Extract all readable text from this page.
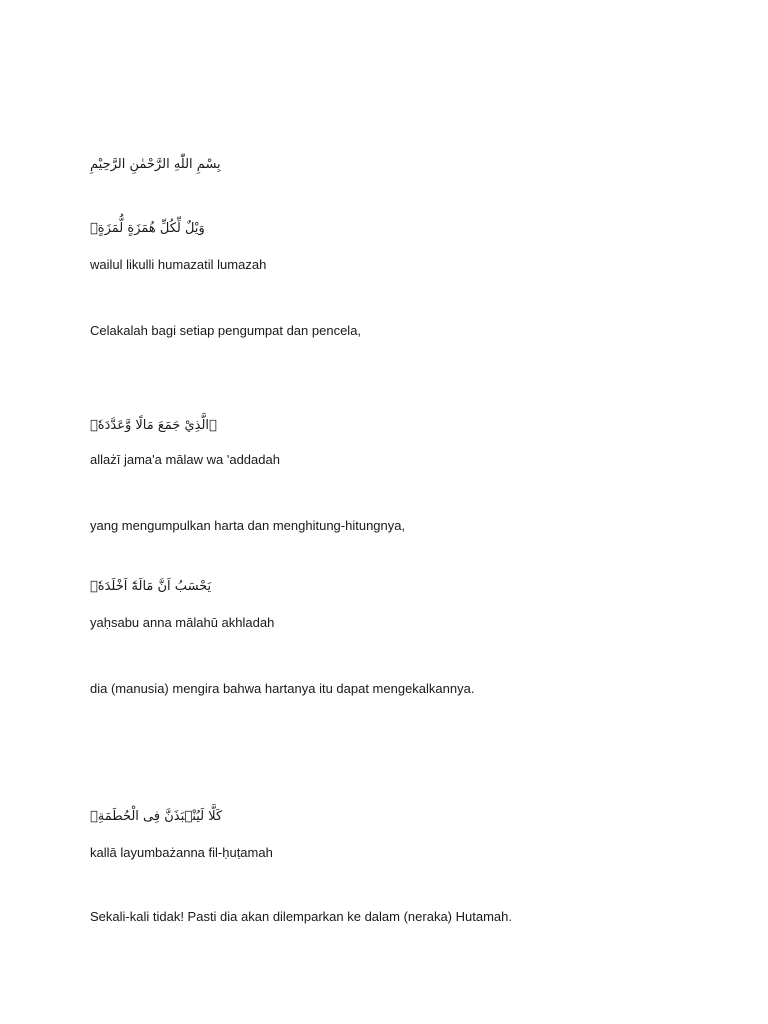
بِسْمِ اللّٰهِ الرَّحْمٰنِ الرَّحِيْمِ
وَيْلٌ لِّكُلِّ هُمَزَةٍ لُّمَزَةٍۙ
wailul likulli humazatil lumazah
Celakalah bagi setiap pengumpat dan pencela,
ۨالَّذِيْ جَمَعَ مَالًا وَّعَدَّدَهٗۙ
allażī jama'a mālaw wa 'addadah
yang mengumpulkan harta dan menghitung-hitungnya,
يَحْسَبُ اَنَّ مَالَهٗٓ اَخْلَدَهٗۚ
yaḥsabu anna mālahū akhladah
dia (manusia) mengira bahwa hartanya itu dapat mengekalkannya.
كَلَّا لَيُنْۢبَذَنَّ فِى الْحُطَمَةِۖ
kallā layumbażanna fil-ḥuṭamah
Sekali-kali tidak! Pasti dia akan dilemparkan ke dalam (neraka) Hutamah.
